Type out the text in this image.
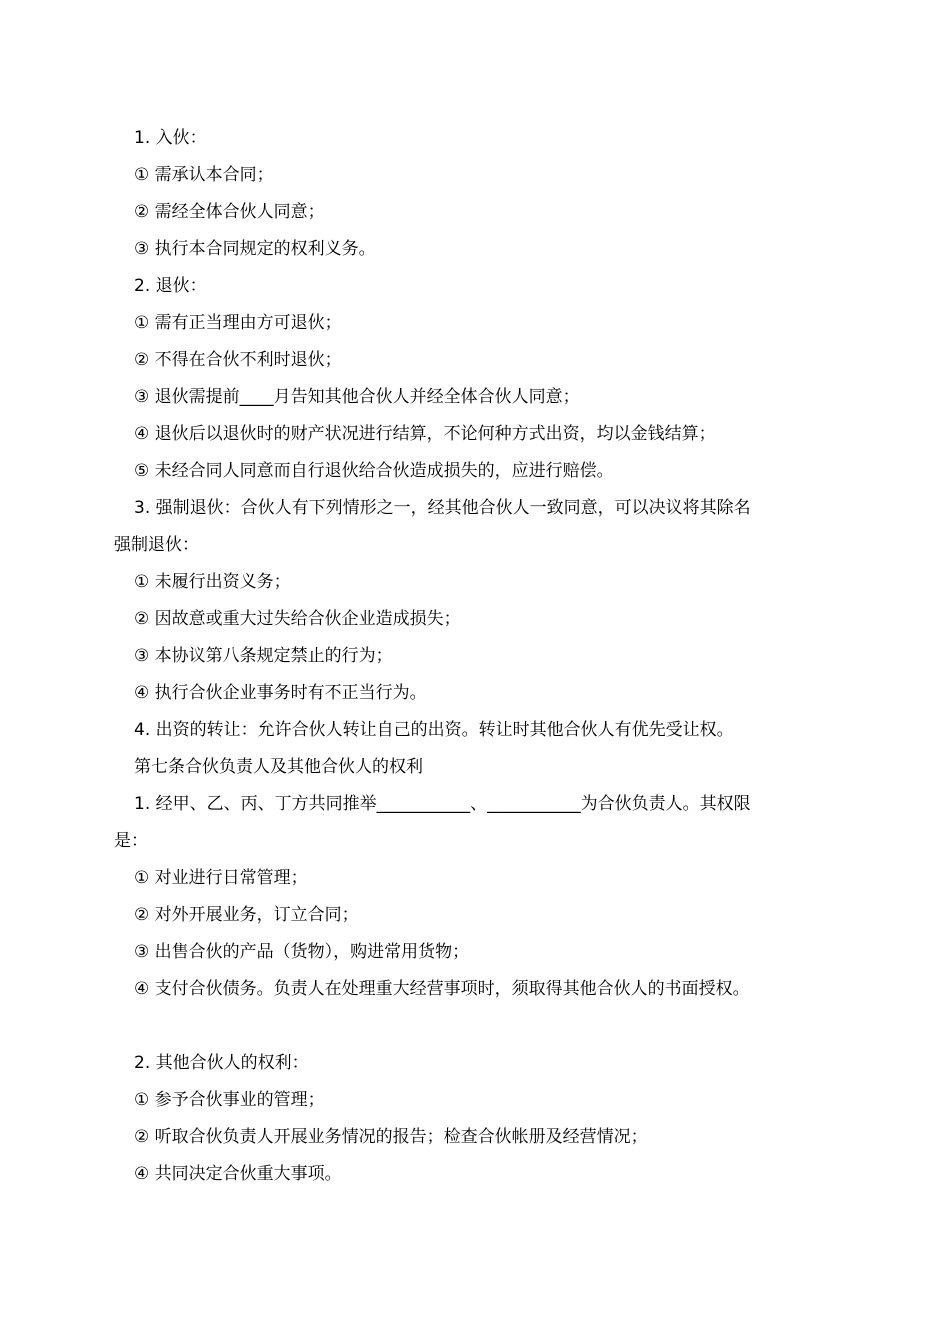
1. 入伙：
① 需承认本合同；
② 需经全体合伙人同意；
③ 执行本合同规定的权利义务。
2. 退伙：
① 需有正当理由方可退伙；
② 不得在合伙不利时退伙；
③ 退伙需提前____月告知其他合伙人并经全体合伙人同意；
④ 退伙后以退伙时的财产状况进行结算，不论何种方式出资，均以金钱结算；
⑤ 未经合同人同意而自行退伙给合伙造成损失的，应进行赔偿。
3. 强制退伙：合伙人有下列情形之一，经其他合伙人一致同意，可以决议将其除名
强制退伙：
① 未履行出资义务；
② 因故意或重大过失给合伙企业造成损失；
③ 本协议第八条规定禁止的行为；
④ 执行合伙企业事务时有不正当行为。
4. 出资的转让：允许合伙人转让自己的出资。转让时其他合伙人有优先受让权。
第七条合伙负责人及其他合伙人的权利
1. 经甲、乙、丙、丁方共同推举___________、___________为合伙负责人。其权限
是：
① 对业进行日常管理；
② 对外开展业务，订立合同；
③ 出售合伙的产品（货物），购进常用货物；
④ 支付合伙债务。负责人在处理重大经营事项时，须取得其他合伙人的书面授权。
2. 其他合伙人的权利：
① 参予合伙事业的管理；
② 听取合伙负责人开展业务情况的报告；检查合伙帐册及经营情况；
④ 共同决定合伙重大事项。
